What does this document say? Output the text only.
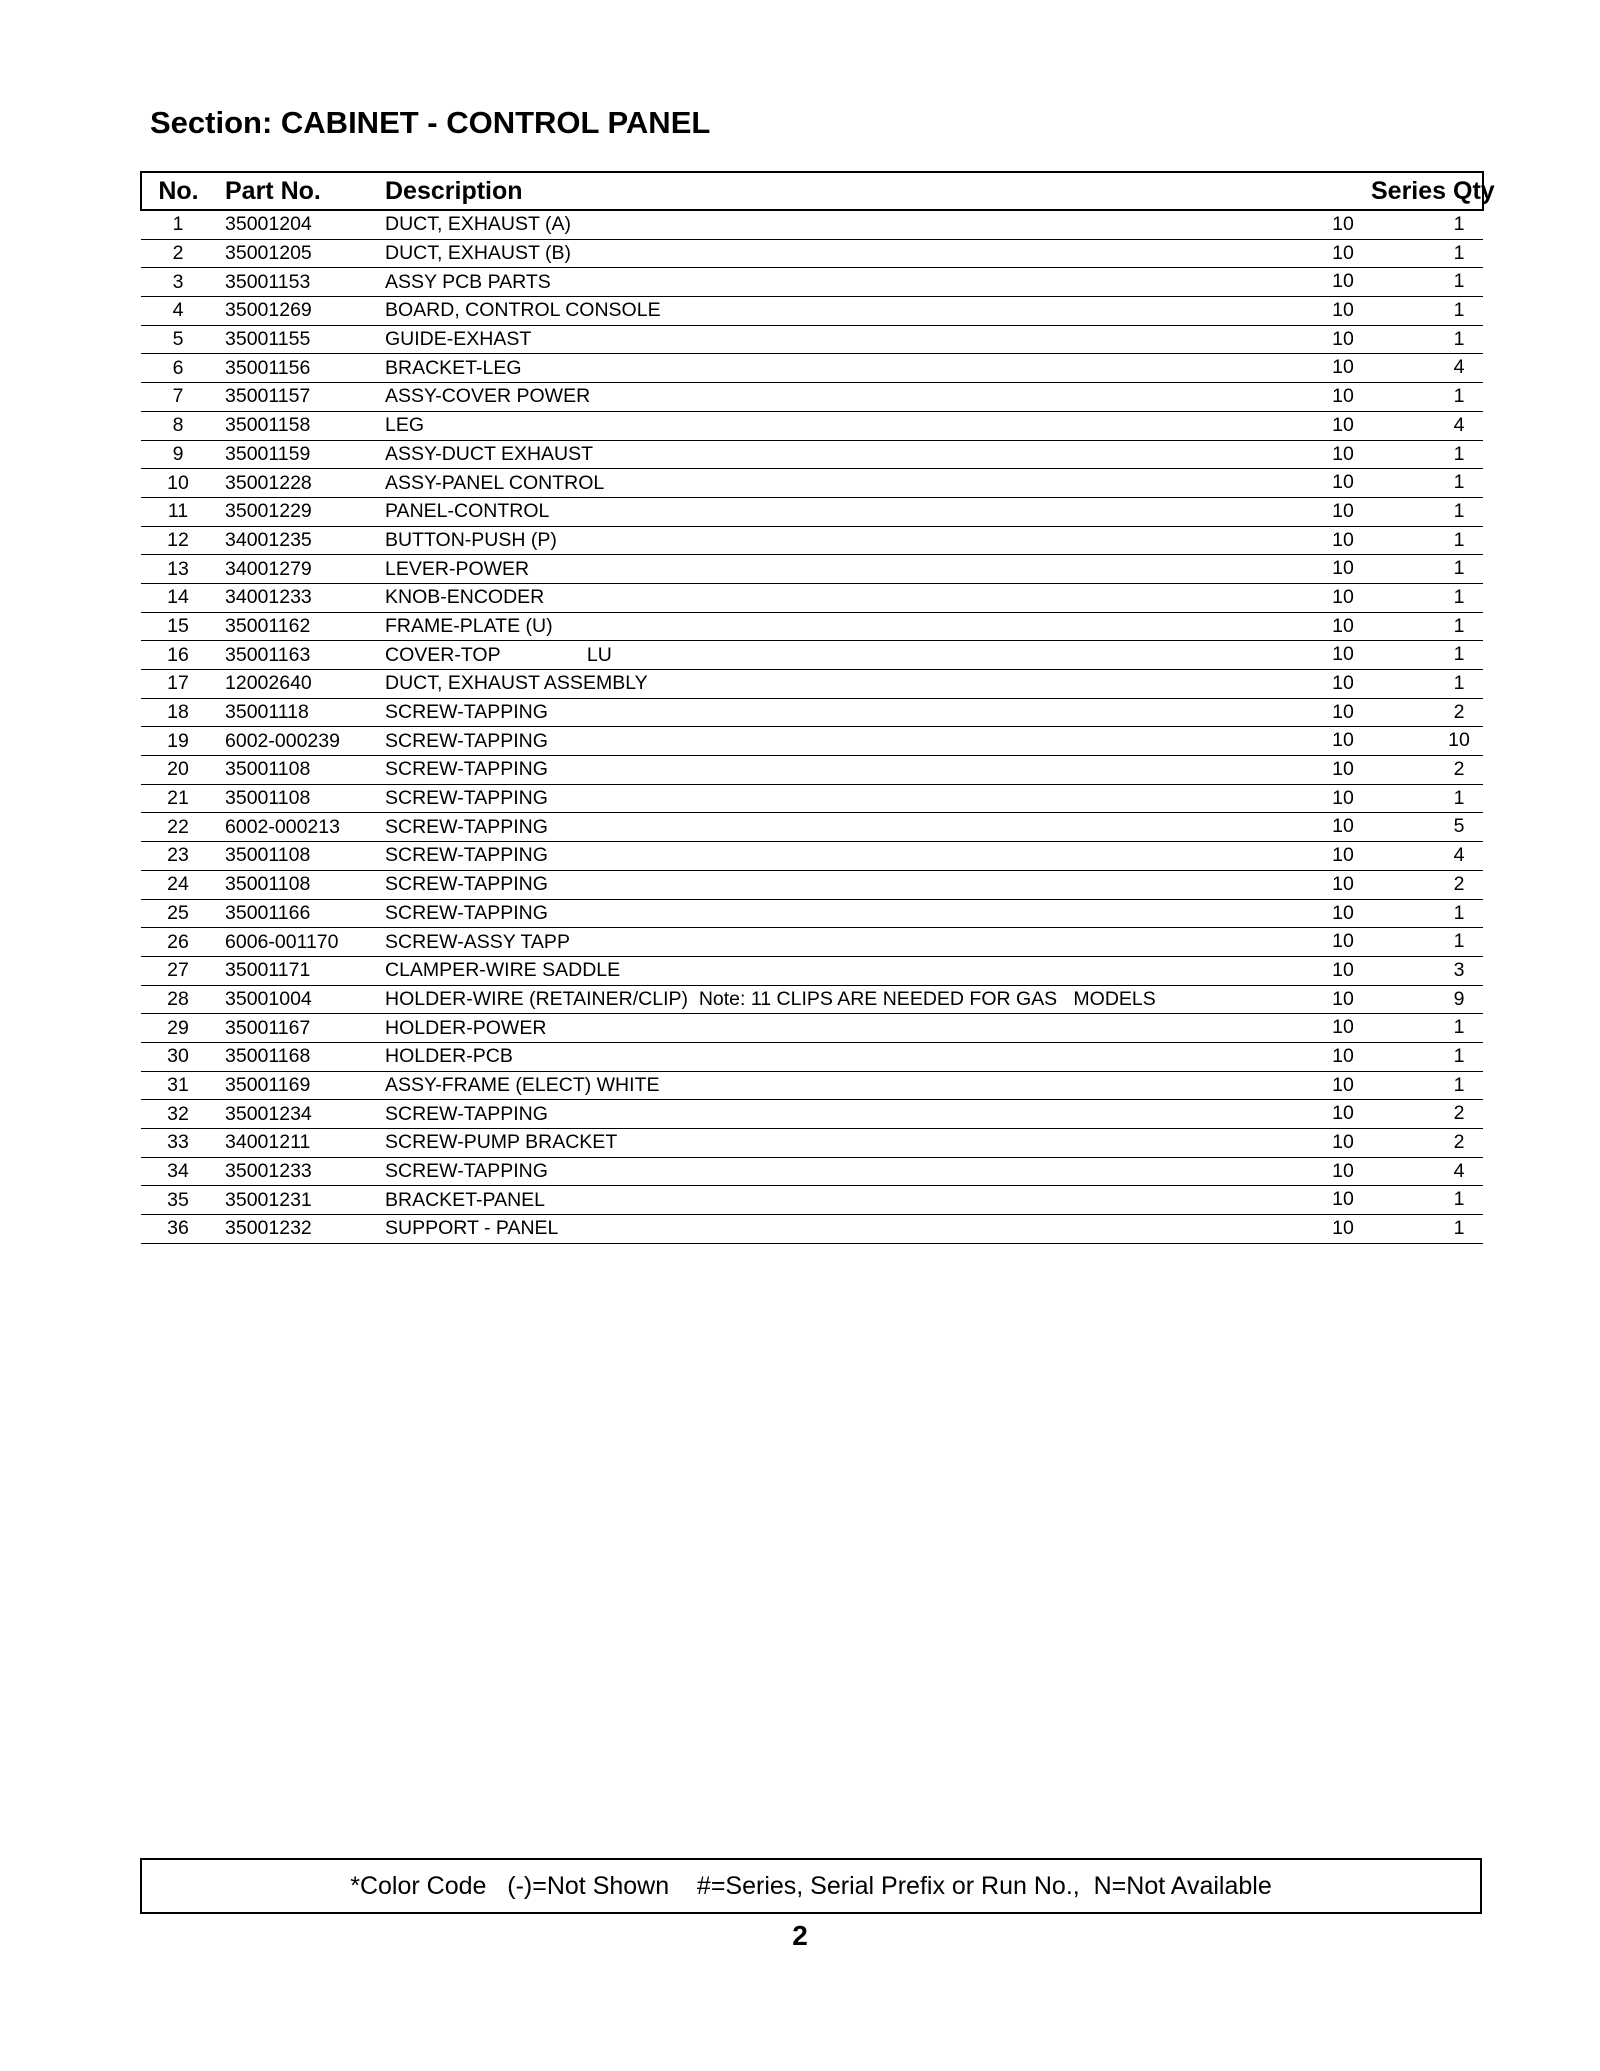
Section: CABINET - CONTROL PANEL
No.	Part No.	Description	Series Qty
1	35001204	DUCT, EXHAUST (A)	10 1

2	35001205	DUCT, EXHAUST (B)	10 1

3	35001153	ASSY PCB PARTS	10 1

4	35001269	BOARD, CONTROL CONSOLE	10 1

5	35001155	GUIDE-EXHAST	10 1

6	35001156	BRACKET-LEG	10 4

7	35001157	ASSY-COVER POWER	10 1

8	35001158	LEG	10 4

9	35001159	ASSY-DUCT EXHAUST	10 1

10	35001228	ASSY-PANEL CONTROL	10 1

11	35001229	PANEL-CONTROL	10 1

12	34001235	BUTTON-PUSH (P)	10 1

13	34001279	LEVER-POWER	10 1

14	34001233	KNOB-ENCODER	10 1

15	35001162	FRAME-PLATE (U)	10 1

16	35001163	COVER-TOP                LU	10 1

17	12002640	DUCT, EXHAUST ASSEMBLY	10 1

18	35001118	SCREW-TAPPING	10 2

19	6002-000239	SCREW-TAPPING	10 10

20	35001108	SCREW-TAPPING	10 2

21	35001108	SCREW-TAPPING	10 1

22	6002-000213	SCREW-TAPPING	10 5

23	35001108	SCREW-TAPPING	10 4

24	35001108	SCREW-TAPPING	10 2

25	35001166	SCREW-TAPPING	10 1

26	6006-001170	SCREW-ASSY TAPP	10 1

27	35001171	CLAMPER-WIRE SADDLE	10 3

28	35001004	HOLDER-WIRE (RETAINER/CLIP)  Note: 11 CLIPS ARE NEEDED FOR GAS   MODELS	10 9

29	35001167	HOLDER-POWER	10 1

30	35001168	HOLDER-PCB	10 1

31	35001169	ASSY-FRAME (ELECT) WHITE	10 1

32	35001234	SCREW-TAPPING	10 2

33	34001211	SCREW-PUMP BRACKET	10 2

34	35001233	SCREW-TAPPING	10 4

35	35001231	BRACKET-PANEL	10 1

36	35001232	SUPPORT - PANEL	10 1
*Color Code   (-)=Not Shown    #=Series, Serial Prefix or Run No.,  N=Not Available
2
